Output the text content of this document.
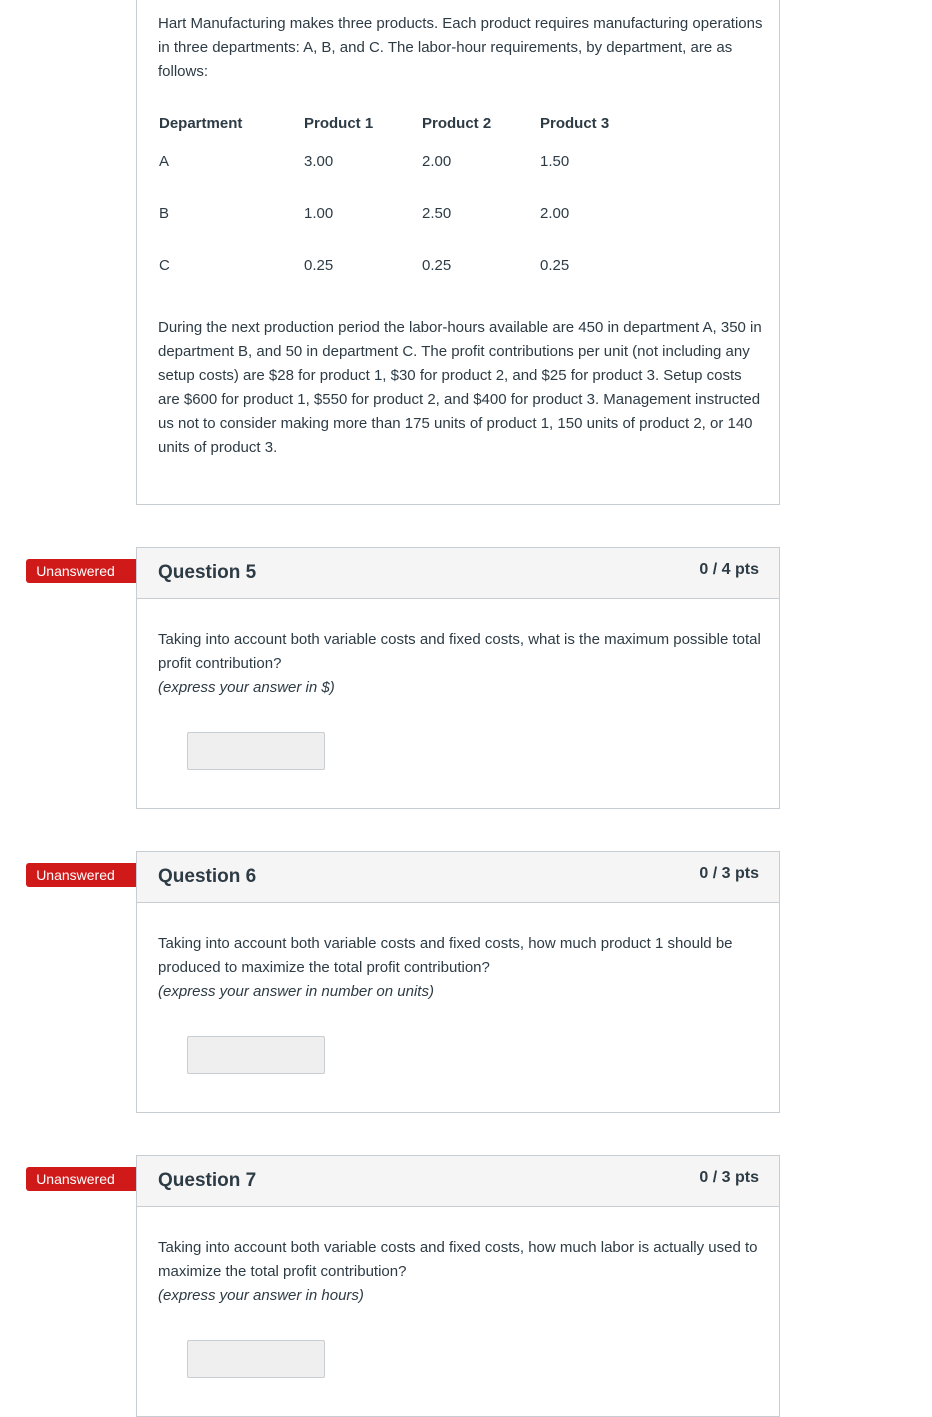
Hart Manufacturing makes three products. Each product requires manufacturing operations in three departments: A, B, and C. The labor-hour requirements, by department, are as follows:

Department	Product 1	Product 2	Product 3
A	3.00	2.00	1.50
B	1.00	2.50	2.00
C	0.25	0.25	0.25

During the next production period the labor-hours available are 450 in department A, 350 in department B, and 50 in department C. The profit contributions per unit (not including any setup costs) are $28 for product 1, $30 for product 2, and $25 for product 3. Setup costs are $600 for product 1, $550 for product 2, and $400 for product 3. Management instructed us not to consider making more than 175 units of product 1, 150 units of product 2, or 140 units of product 3.

Unanswered	Question 5	0 / 4 pts
Taking into account both variable costs and fixed costs, what is the maximum possible total profit contribution?
(express your answer in $)
Unanswered	Question 6	0 / 3 pts
Taking into account both variable costs and fixed costs, how much product 1 should be produced to maximize the total profit contribution?
(express your answer in number on units)
Unanswered	Question 7	0 / 3 pts
Taking into account both variable costs and fixed costs, how much labor is actually used to maximize the total profit contribution?
(express your answer in hours)
